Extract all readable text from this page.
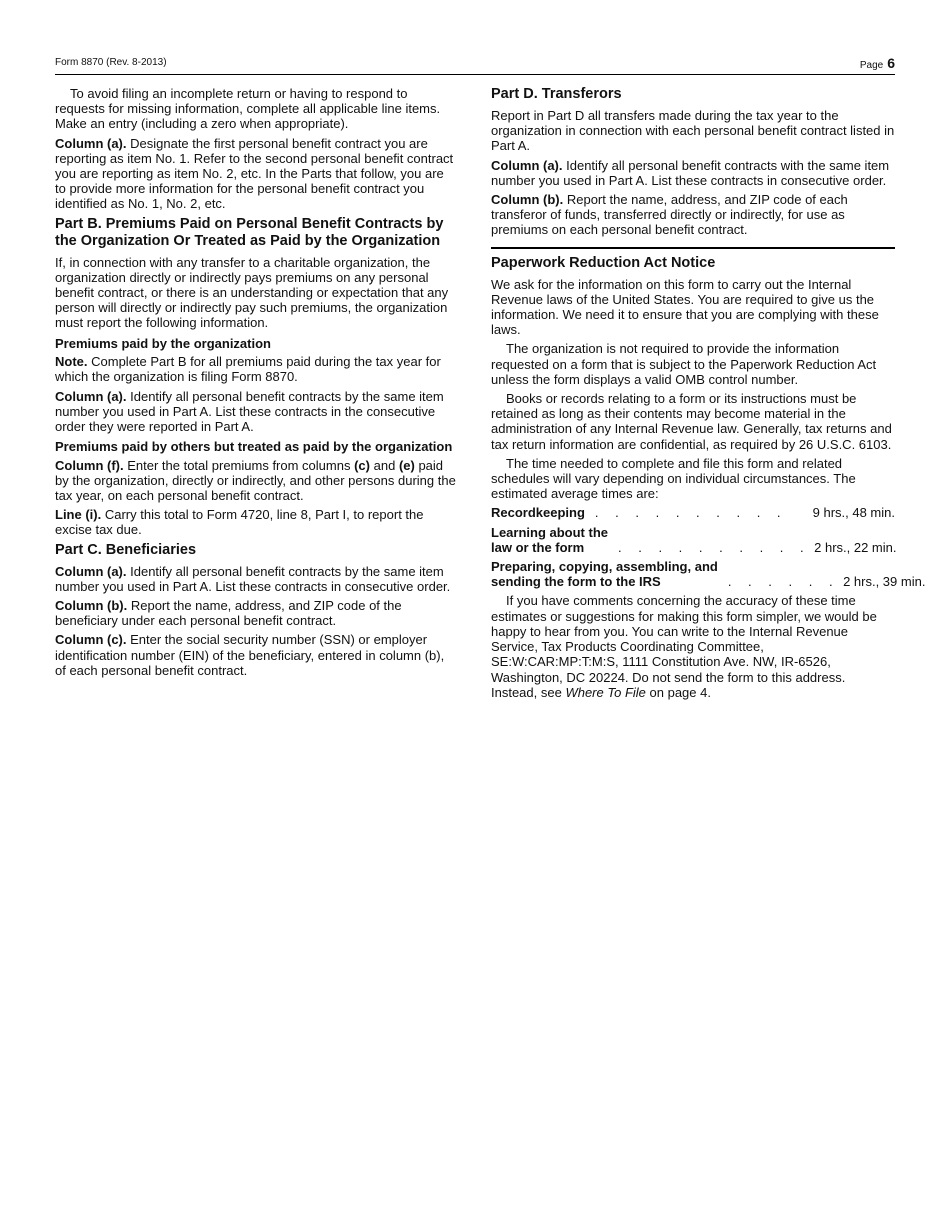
Form 8870 (Rev. 8-2013)	Page 6

To avoid filing an incomplete return or having to respond to requests for missing information, complete all applicable line items. Make an entry (including a zero when appropriate).

Column (a). Designate the first personal benefit contract you are reporting as item No. 1. Refer to the second personal benefit contract you are reporting as item No. 2, etc. In the Parts that follow, you are to provide more information for the personal benefit contract you identified as No. 1, No. 2, etc.

Part B. Premiums Paid on Personal Benefit Contracts by the Organization Or Treated as Paid by the Organization

If, in connection with any transfer to a charitable organization, the organization directly or indirectly pays premiums on any personal benefit contract, or there is an understanding or expectation that any person will directly or indirectly pay such premiums, the organization must report the following information.

Premiums paid by the organization

Note. Complete Part B for all premiums paid during the tax year for which the organization is filing Form 8870.

Column (a). Identify all personal benefit contracts by the same item number you used in Part A. List these contracts in the consecutive order they were reported in Part A.

Premiums paid by others but treated as paid by the organization

Column (f). Enter the total premiums from columns (c) and (e) paid by the organization, directly or indirectly, and other persons during the tax year, on each personal benefit contract.

Line (i). Carry this total to Form 4720, line 8, Part I, to report the excise tax due.

Part C. Beneficiaries

Column (a). Identify all personal benefit contracts by the same item number you used in Part A. List these contracts in consecutive order.

Column (b). Report the name, address, and ZIP code of the beneficiary under each personal benefit contract.

Column (c). Enter the social security number (SSN) or employer identification number (EIN) of the beneficiary, entered in column (b), of each personal benefit contract.

Part D. Transferors

Report in Part D all transfers made during the tax year to the organization in connection with each personal benefit contract listed in Part A.

Column (a). Identify all personal benefit contracts with the same item number you used in Part A. List these contracts in consecutive order.

Column (b). Report the name, address, and ZIP code of each transferor of funds, transferred directly or indirectly, for use as premiums on each personal benefit contract.

Paperwork Reduction Act Notice

We ask for the information on this form to carry out the Internal Revenue laws of the United States. You are required to give us the information. We need it to ensure that you are complying with these laws.

The organization is not required to provide the information requested on a form that is subject to the Paperwork Reduction Act unless the form displays a valid OMB control number.

Books or records relating to a form or its instructions must be retained as long as their contents may become material in the administration of any Internal Revenue law. Generally, tax returns and tax return information are confidential, as required by 26 U.S.C. 6103.

The time needed to complete and file this form and related schedules will vary depending on individual circumstances. The estimated average times are:

Recordkeeping . . . . . . . . . .	9 hrs., 48 min.
Learning about the
law or the form	. . . . . . . . . . 2 hrs., 22 min.
Preparing, copying, assembling, and
sending the form to the IRS	. . . . . . 2 hrs., 39 min.

If you have comments concerning the accuracy of these time estimates or suggestions for making this form simpler, we would be happy to hear from you. You can write to the Internal Revenue Service, Tax Products Coordinating Committee, SE:W:CAR:MP:T:M:S, 1111 Constitution Ave. NW, IR-6526, Washington, DC 20224. Do not send the form to this address. Instead, see Where To File on page 4.
